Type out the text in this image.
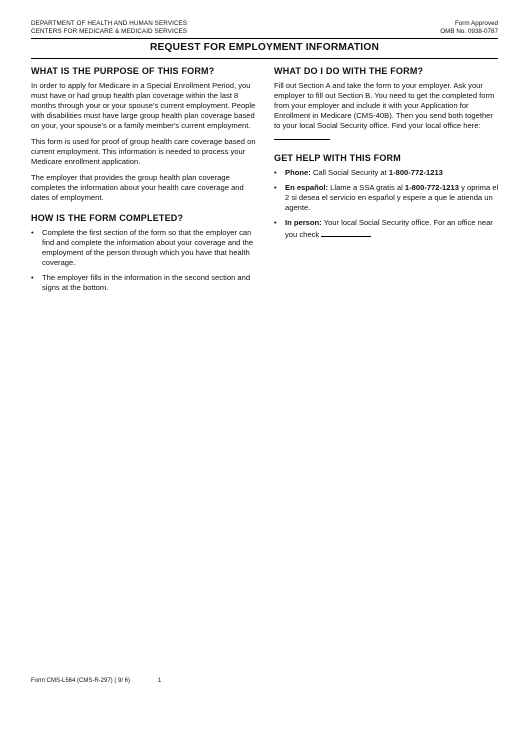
DEPARTMENT OF HEALTH AND HUMAN SERVICES
CENTERS FOR MEDICARE & MEDICAID SERVICES
Form Approved
OMB No. 0938-0787
REQUEST FOR EMPLOYMENT INFORMATION
WHAT IS THE PURPOSE OF THIS FORM?

In order to apply for Medicare in a Special Enrollment Period, you must have or had group health plan coverage within the last 8 months through your or your spouse's current employment. People with disabilities must have large group health plan coverage based on your, your spouse's or a family member's current employment.

This form is used for proof of group health care coverage based on current employment. This information is needed to process your Medicare enrollment application.

The employer that provides the group health plan coverage completes the information about your health care coverage and dates of employment.

HOW IS THE FORM COMPLETED?
• Complete the first section of the form so that the employer can find and complete the information about your coverage and the employment of the person through which you have that health coverage.
• The employer fills in the information in the second section and signs at the bottom.
WHAT DO I DO WITH THE FORM?

Fill out Section A and take the form to your employer. Ask your employer to fill out Section B. You need to get the completed form from your employer and include it with your Application for Enrollment in Medicare (CMS-40B). Then you send both together to your local Social Security office. Find your local office here:

GET HELP WITH THIS FORM
• Phone: Call Social Security at 1-800-772-1213
• En español: Llame a SSA gratis al 1-800-772-1213 y oprima el 2 si desea el servicio en español y espere a que le atienda un agente.
• In person: Your local Social Security office. For an office near you check
Form CMS-L564 (CMS-R-297) ( 9/ 6)	1
